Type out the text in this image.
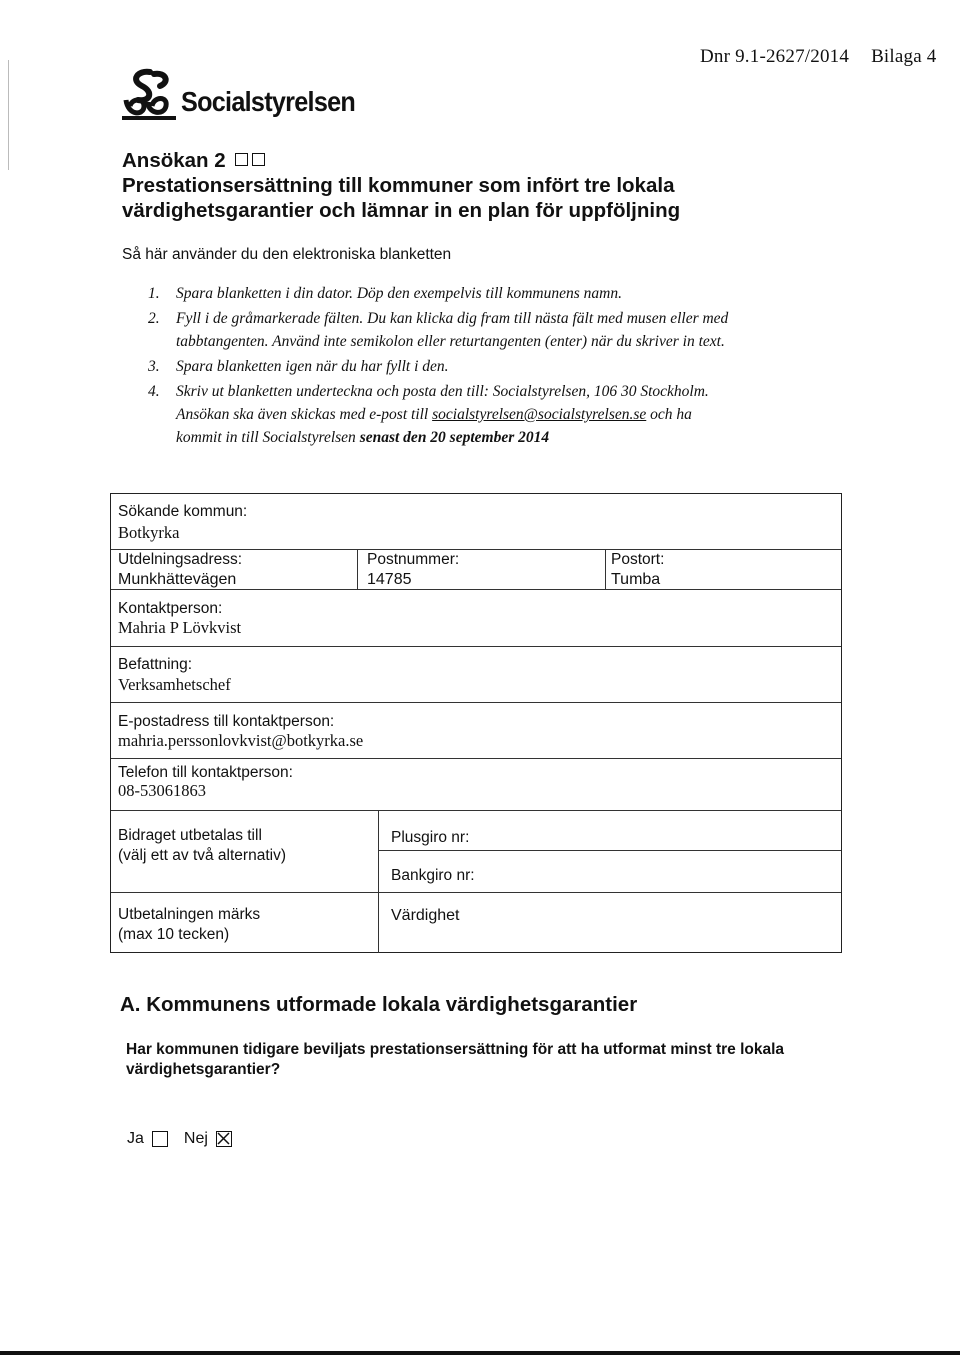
Dnr 9.1-2627/2014 Bilaga 4
Socialstyrelsen
Ansökan 2
Prestationsersättning till kommuner som infört tre lokala
värdighetsgarantier och lämnar in en plan för uppföljning
Så här använder du den elektroniska blanketten
1. Spara blanketten i din dator. Döp den exempelvis till kommunens namn.
2. Fyll i de gråmarkerade fälten. Du kan klicka dig fram till nästa fält med musen eller med tabbtangenten. Använd inte semikolon eller returtangenten (enter) när du skriver in text.
3. Spara blanketten igen när du har fyllt i den.
4. Skriv ut blanketten underteckna och posta den till: Socialstyrelsen, 106 30 Stockholm.
Ansökan ska även skickas med e-post till socialstyrelsen@socialstyrelsen.se och ha
kommit in till Socialstyrelsen senast den 20 september 2014
Sökande kommun:
Botkyrka
Utdelningsadress:
Munkhättevägen
Postnummer:
14785
Postort:
Tumba
Kontaktperson:
Mahria P Lövkvist
Befattning:
Verksamhetschef
E-postadress till kontaktperson:
mahria.perssonlovkvist@botkyrka.se
Telefon till kontaktperson:
08-53061863
Bidraget utbetalas till
(välj ett av två alternativ)
Plusgiro nr:
Bankgiro nr:
Utbetalningen märks
(max 10 tecken)
Värdighet
A. Kommunens utformade lokala värdighetsgarantier
Har kommunen tidigare beviljats prestationsersättning för att ha utformat minst tre lokala värdighetsgarantier?
Ja	Nej
